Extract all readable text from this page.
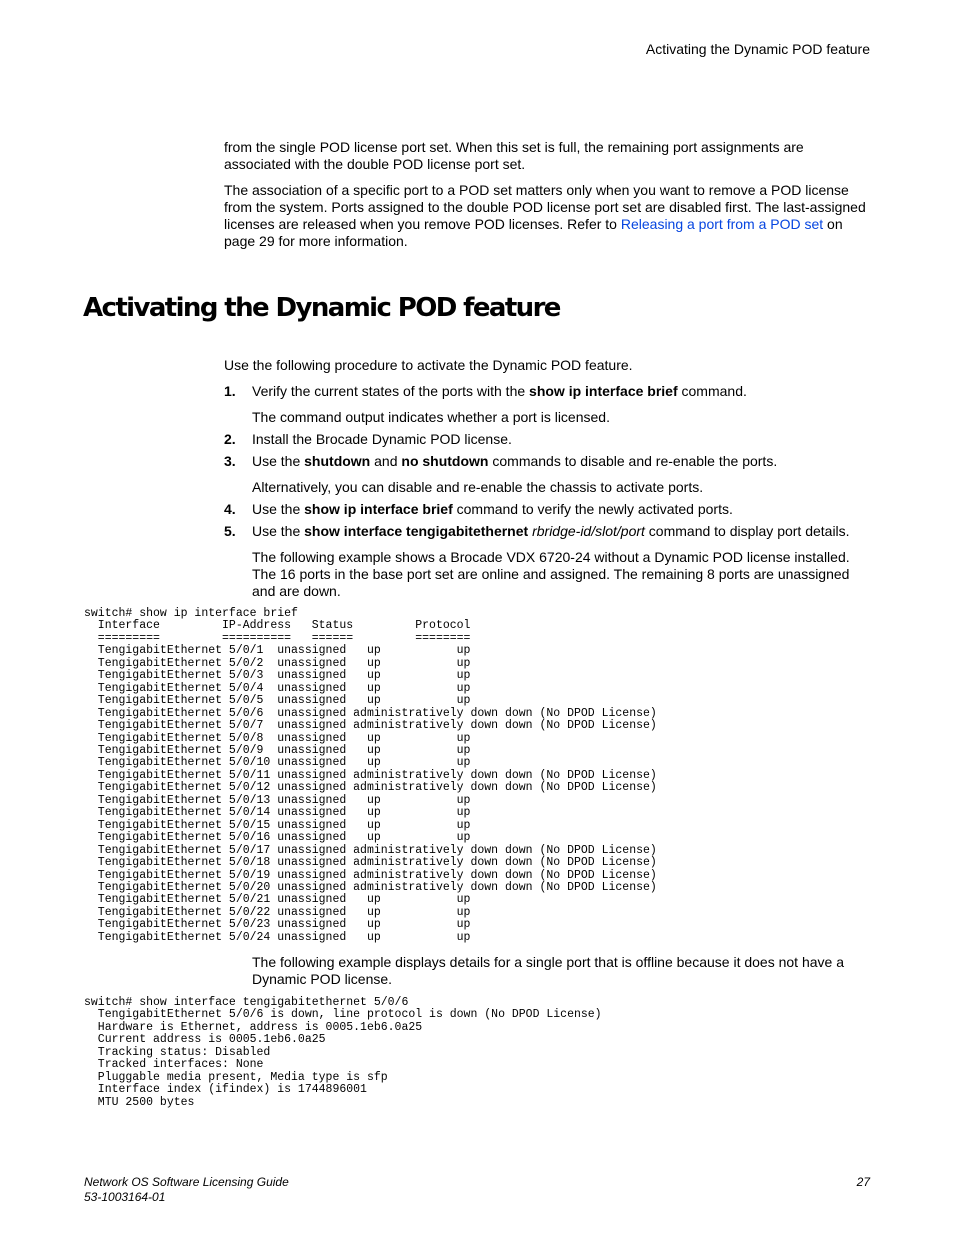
Activating the Dynamic POD feature

from the single POD license port set. When this set is full, the remaining port assignments are associated with the double POD license port set.

The association of a specific port to a POD set matters only when you want to remove a POD license from the system. Ports assigned to the double POD license port set are disabled first. The last-assigned licenses are released when you remove POD licenses. Refer to Releasing a port from a POD set on page 29 for more information.

Activating the Dynamic POD feature

Use the following procedure to activate the Dynamic POD feature.

1.	Verify the current states of the ports with the show ip interface brief command.
The command output indicates whether a port is licensed.
2.	Install the Brocade Dynamic POD license.
3.	Use the shutdown and no shutdown commands to disable and re-enable the ports.
Alternatively, you can disable and re-enable the chassis to activate ports.
4.	Use the show ip interface brief command to verify the newly activated ports.
5.	Use the show interface tengigabitethernet rbridge-id/slot/port command to display port details.
The following example shows a Brocade VDX 6720-24 without a Dynamic POD license installed. The 16 ports in the base port set are online and assigned. The remaining 8 ports are unassigned and are down.
switch# show ip interface brief
Interface         IP-Address   Status         Protocol
=========         ==========   ======         ========
TengigabitEthernet 5/0/1  unassigned   up           up
TengigabitEthernet 5/0/2  unassigned   up           up
TengigabitEthernet 5/0/3  unassigned   up           up
TengigabitEthernet 5/0/4  unassigned   up           up
TengigabitEthernet 5/0/5  unassigned   up           up
TengigabitEthernet 5/0/6  unassigned administratively down down (No DPOD License)
TengigabitEthernet 5/0/7  unassigned administratively down down (No DPOD License)
TengigabitEthernet 5/0/8  unassigned   up           up
TengigabitEthernet 5/0/9  unassigned   up           up
TengigabitEthernet 5/0/10 unassigned   up           up
TengigabitEthernet 5/0/11 unassigned administratively down down (No DPOD License)
TengigabitEthernet 5/0/12 unassigned administratively down down (No DPOD License)
TengigabitEthernet 5/0/13 unassigned   up           up
TengigabitEthernet 5/0/14 unassigned   up           up
TengigabitEthernet 5/0/15 unassigned   up           up
TengigabitEthernet 5/0/16 unassigned   up           up
TengigabitEthernet 5/0/17 unassigned administratively down down (No DPOD License)
TengigabitEthernet 5/0/18 unassigned administratively down down (No DPOD License)
TengigabitEthernet 5/0/19 unassigned administratively down down (No DPOD License)
TengigabitEthernet 5/0/20 unassigned administratively down down (No DPOD License)
TengigabitEthernet 5/0/21 unassigned   up           up
TengigabitEthernet 5/0/22 unassigned   up           up
TengigabitEthernet 5/0/23 unassigned   up           up
TengigabitEthernet 5/0/24 unassigned   up           up

The following example displays details for a single port that is offline because it does not have a Dynamic POD license.

switch# show interface tengigabitethernet 5/0/6
TengigabitEthernet 5/0/6 is down, line protocol is down (No DPOD License)
Hardware is Ethernet, address is 0005.1eb6.0a25
Current address is 0005.1eb6.0a25
Tracking status: Disabled
Tracked interfaces: None
Pluggable media present, Media type is sfp
Interface index (ifindex) is 1744896001
MTU 2500 bytes
Network OS Software Licensing Guide
53-1003164-01
27
